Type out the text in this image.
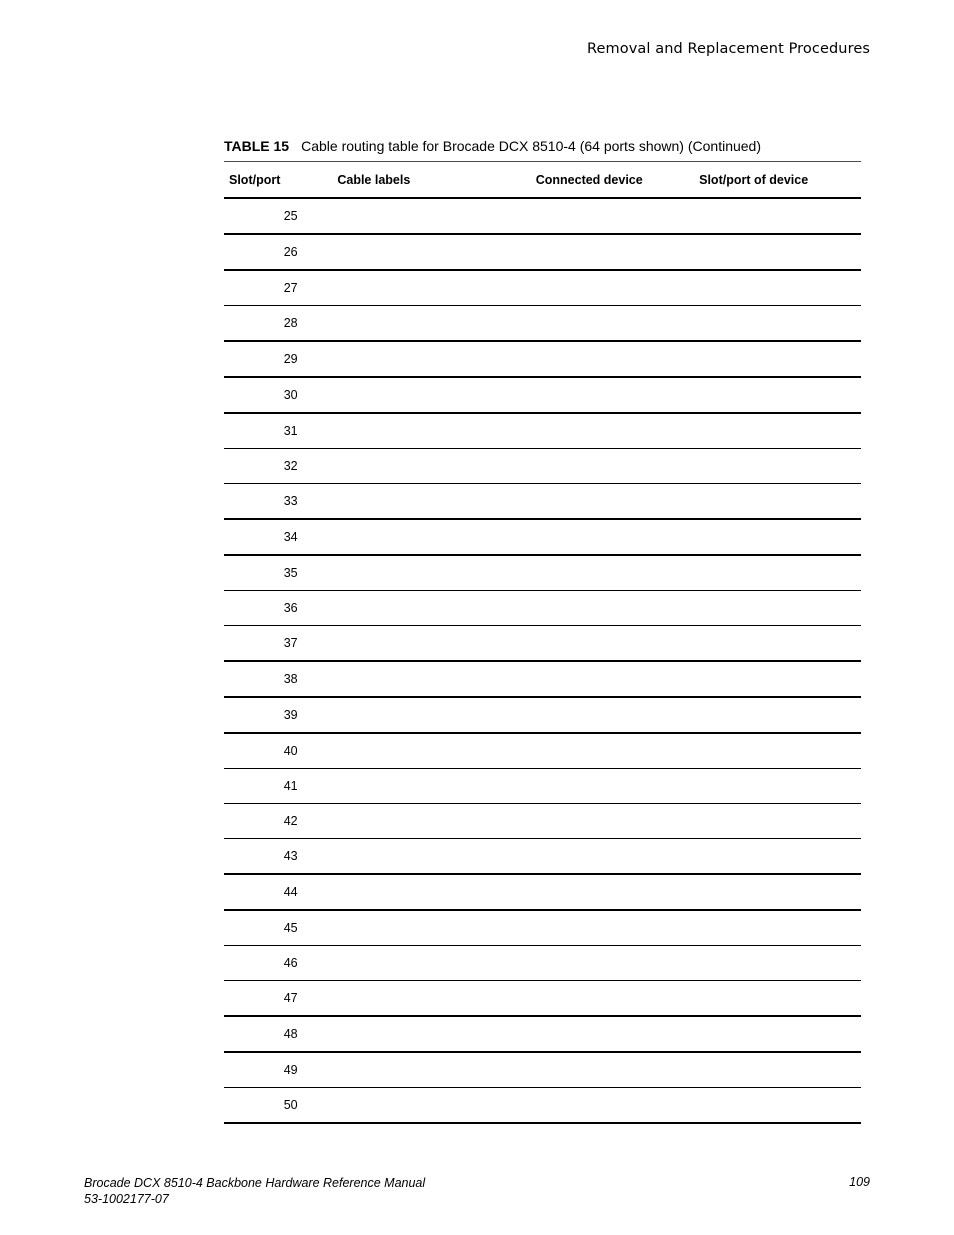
Removal and Replacement Procedures
TABLE 15 Cable routing table for Brocade DCX 8510-4 (64 ports shown) (Continued)
Slot/port	Cable labels	Connected device	Slot/port of device
25			
26			
27			
28			
29			
30			
31			
32			
33			
34			
35			
36			
37			
38			
39			
40			
41			
42			
43			
44			
45			
46			
47			
48			
49			
50			
Brocade DCX 8510-4 Backbone Hardware Reference Manual
53-1002177-07
109
